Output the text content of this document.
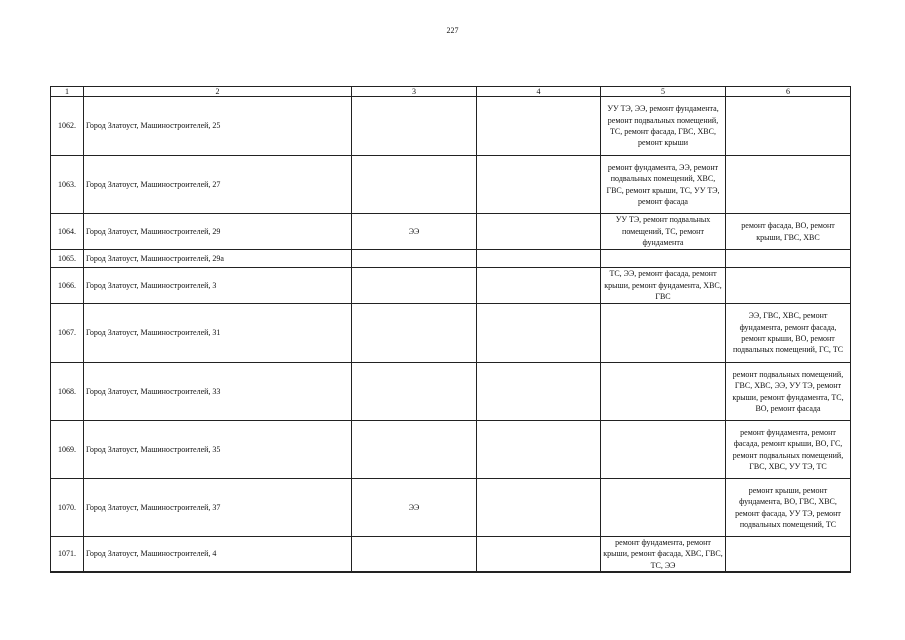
227
1	2	3	4	5	6
1062.	Город Златоуст, Машиностроителей, 25			УУ ТЭ, ЭЭ, ремонт фундамента, ремонт подвальных помещений, ТС, ремонт фасада, ГВС, ХВС, ремонт крыши	
1063.	Город Златоуст, Машиностроителей, 27			ремонт фундамента, ЭЭ, ремонт подвальных помещений, ХВС, ГВС, ремонт крыши, ТС, УУ ТЭ, ремонт фасада	
1064.	Город Златоуст, Машиностроителей, 29	ЭЭ		УУ ТЭ, ремонт подвальных помещений, ТС, ремонт фундамента	ремонт фасада, ВО, ремонт крыши, ГВС, ХВС
1065.	Город Златоуст, Машиностроителей, 29а				
1066.	Город Златоуст, Машиностроителей, 3			ТС, ЭЭ, ремонт фасада, ремонт крыши, ремонт фундамента, ХВС, ГВС	
1067.	Город Златоуст, Машиностроителей, 31				ЭЭ, ГВС, ХВС, ремонт фундамента, ремонт фасада, ремонт крыши, ВО, ремонт подвальных помещений, ГС, ТС
1068.	Город Златоуст, Машиностроителей, 33				ремонт подвальных помещений, ГВС, ХВС, ЭЭ, УУ ТЭ, ремонт крыши, ремонт фундамента, ТС, ВО, ремонт фасада
1069.	Город Златоуст, Машиностроителей, 35				ремонт фундамента, ремонт фасада, ремонт крыши, ВО, ГС, ремонт подвальных помещений, ГВС, ХВС, УУ ТЭ, ТС
1070.	Город Златоуст, Машиностроителей, 37	ЭЭ			ремонт крыши, ремонт фундамента, ВО, ГВС, ХВС, ремонт фасада, УУ ТЭ, ремонт подвальных помещений, ТС
1071.	Город Златоуст, Машиностроителей, 4			ремонт фундамента, ремонт крыши, ремонт фасада, ХВС, ГВС, ТС, ЭЭ	
